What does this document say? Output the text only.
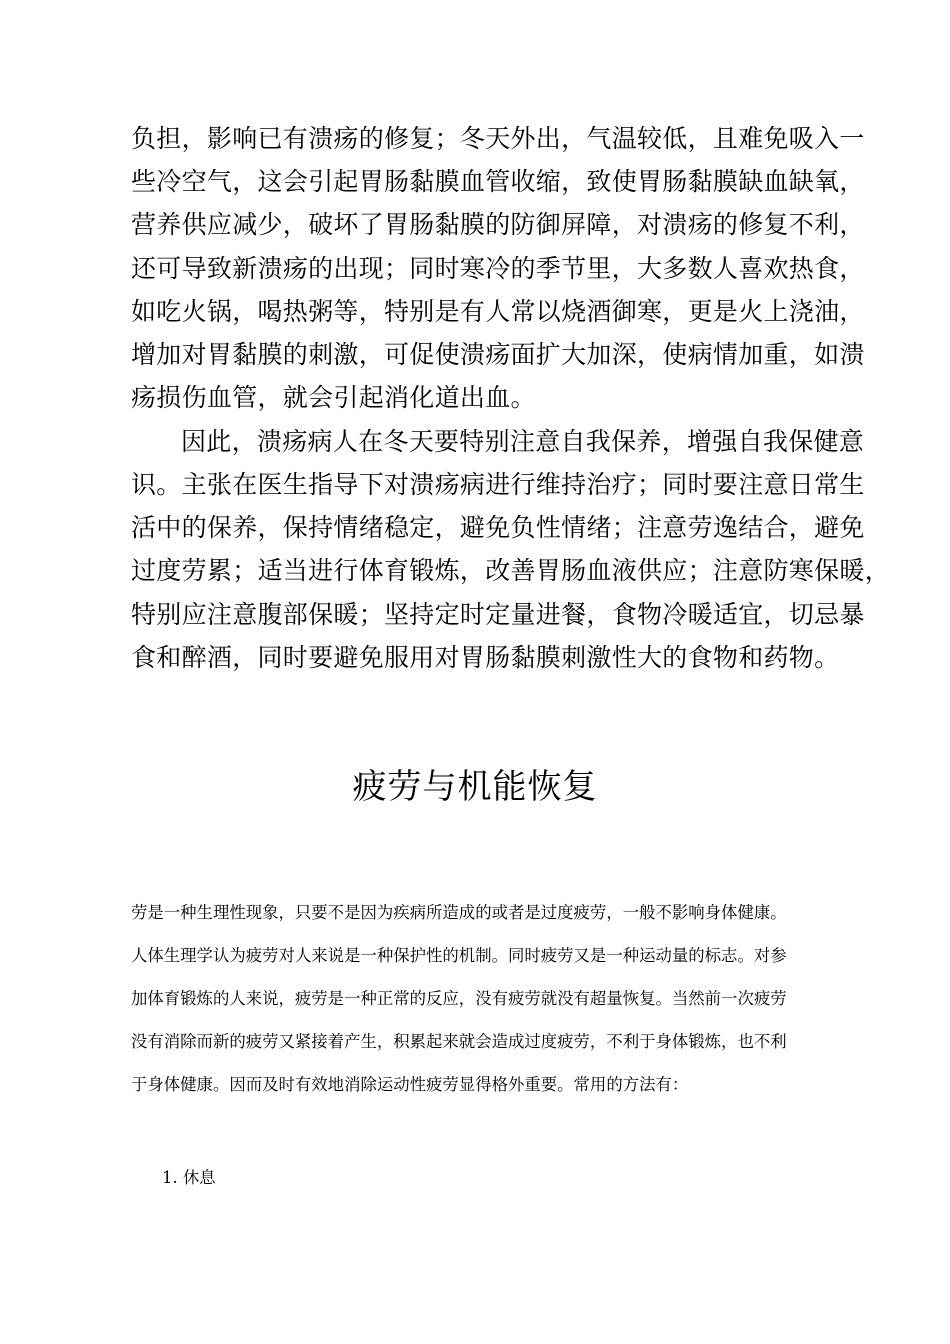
负担，影响已有溃疡的修复；冬天外出，气温较低，且难免吸入一
些冷空气，这会引起胃肠黏膜血管收缩，致使胃肠黏膜缺血缺氧，
营养供应减少，破坏了胃肠黏膜的防御屏障，对溃疡的修复不利，
还可导致新溃疡的出现；同时寒冷的季节里，大多数人喜欢热食，
如吃火锅，喝热粥等，特别是有人常以烧酒御寒，更是火上浇油，
增加对胃黏膜的刺激，可促使溃疡面扩大加深，使病情加重，如溃
疡损伤血管，就会引起消化道出血。
因此，溃疡病人在冬天要特别注意自我保养，增强自我保健意
识。主张在医生指导下对溃疡病进行维持治疗；同时要注意日常生
活中的保养，保持情绪稳定，避免负性情绪；注意劳逸结合，避免
过度劳累；适当进行体育锻炼，改善胃肠血液供应；注意防寒保暖，
特别应注意腹部保暖；坚持定时定量进餐，食物冷暖适宜，切忌暴
食和醉酒，同时要避免服用对胃肠黏膜刺激性大的食物和药物。
疲劳与机能恢复
劳是一种生理性现象，只要不是因为疾病所造成的或者是过度疲劳，一般不影响身体健康。
人体生理学认为疲劳对人来说是一种保护性的机制。同时疲劳又是一种运动量的标志。对参
加体育锻炼的人来说，疲劳是一种正常的反应，没有疲劳就没有超量恢复。当然前一次疲劳
没有消除而新的疲劳又紧接着产生，积累起来就会造成过度疲劳，不利于身体锻炼，也不利
于身体健康。因而及时有效地消除运动性疲劳显得格外重要。常用的方法有：
1. 休息
